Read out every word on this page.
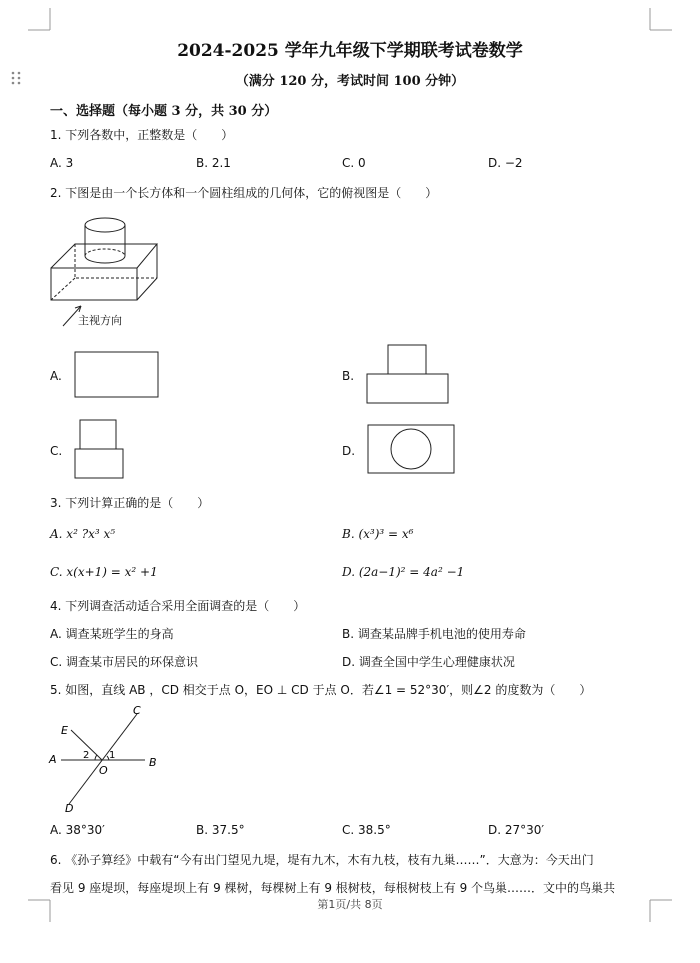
2024-2025 学年九年级下学期联考试卷数学
（满分 120 分，考试时间 100 分钟）
一、选择题（每小题 3 分，共 30 分）
1. 下列各数中，正整数是（　　）
A. 3	B. 2.1	C. 0	D. −2
2. 下图是由一个长方体和一个圆柱组成的几何体，它的俯视图是（　　）
主视方向
A.	B.
C.	D.
3. 下列计算正确的是（　　）
A. x² ?x³ x⁵	B. (x³)³ = x⁶
C. x(x+1) = x² +1	D. (2a−1)² = 4a² −1
4. 下列调查活动适合采用全面调查的是（　　）
A. 调查某班学生的身高	B. 调查某品牌手机电池的使用寿命
C. 调查某市居民的环保意识	D. 调查全国中学生心理健康状况
5. 如图，直线 AB ，CD 相交于点 O，EO ⊥ CD 于点 O．若∠1 = 52°30′，则∠2 的度数为（　　）
C
E
A	B
O
D
1
2
A. 38°30′	B. 37.5°	C. 38.5°	D. 27°30′
6. 《孙子算经》中载有“今有出门望见九堤，堤有九木，木有九枝，枝有九巢……”．大意为：今天出门
看见 9 座堤坝，每座堤坝上有 9 棵树，每棵树上有 9 根树枝，每根树枝上有 9 个鸟巢……．文中的鸟巢共
第1页/共 8页
